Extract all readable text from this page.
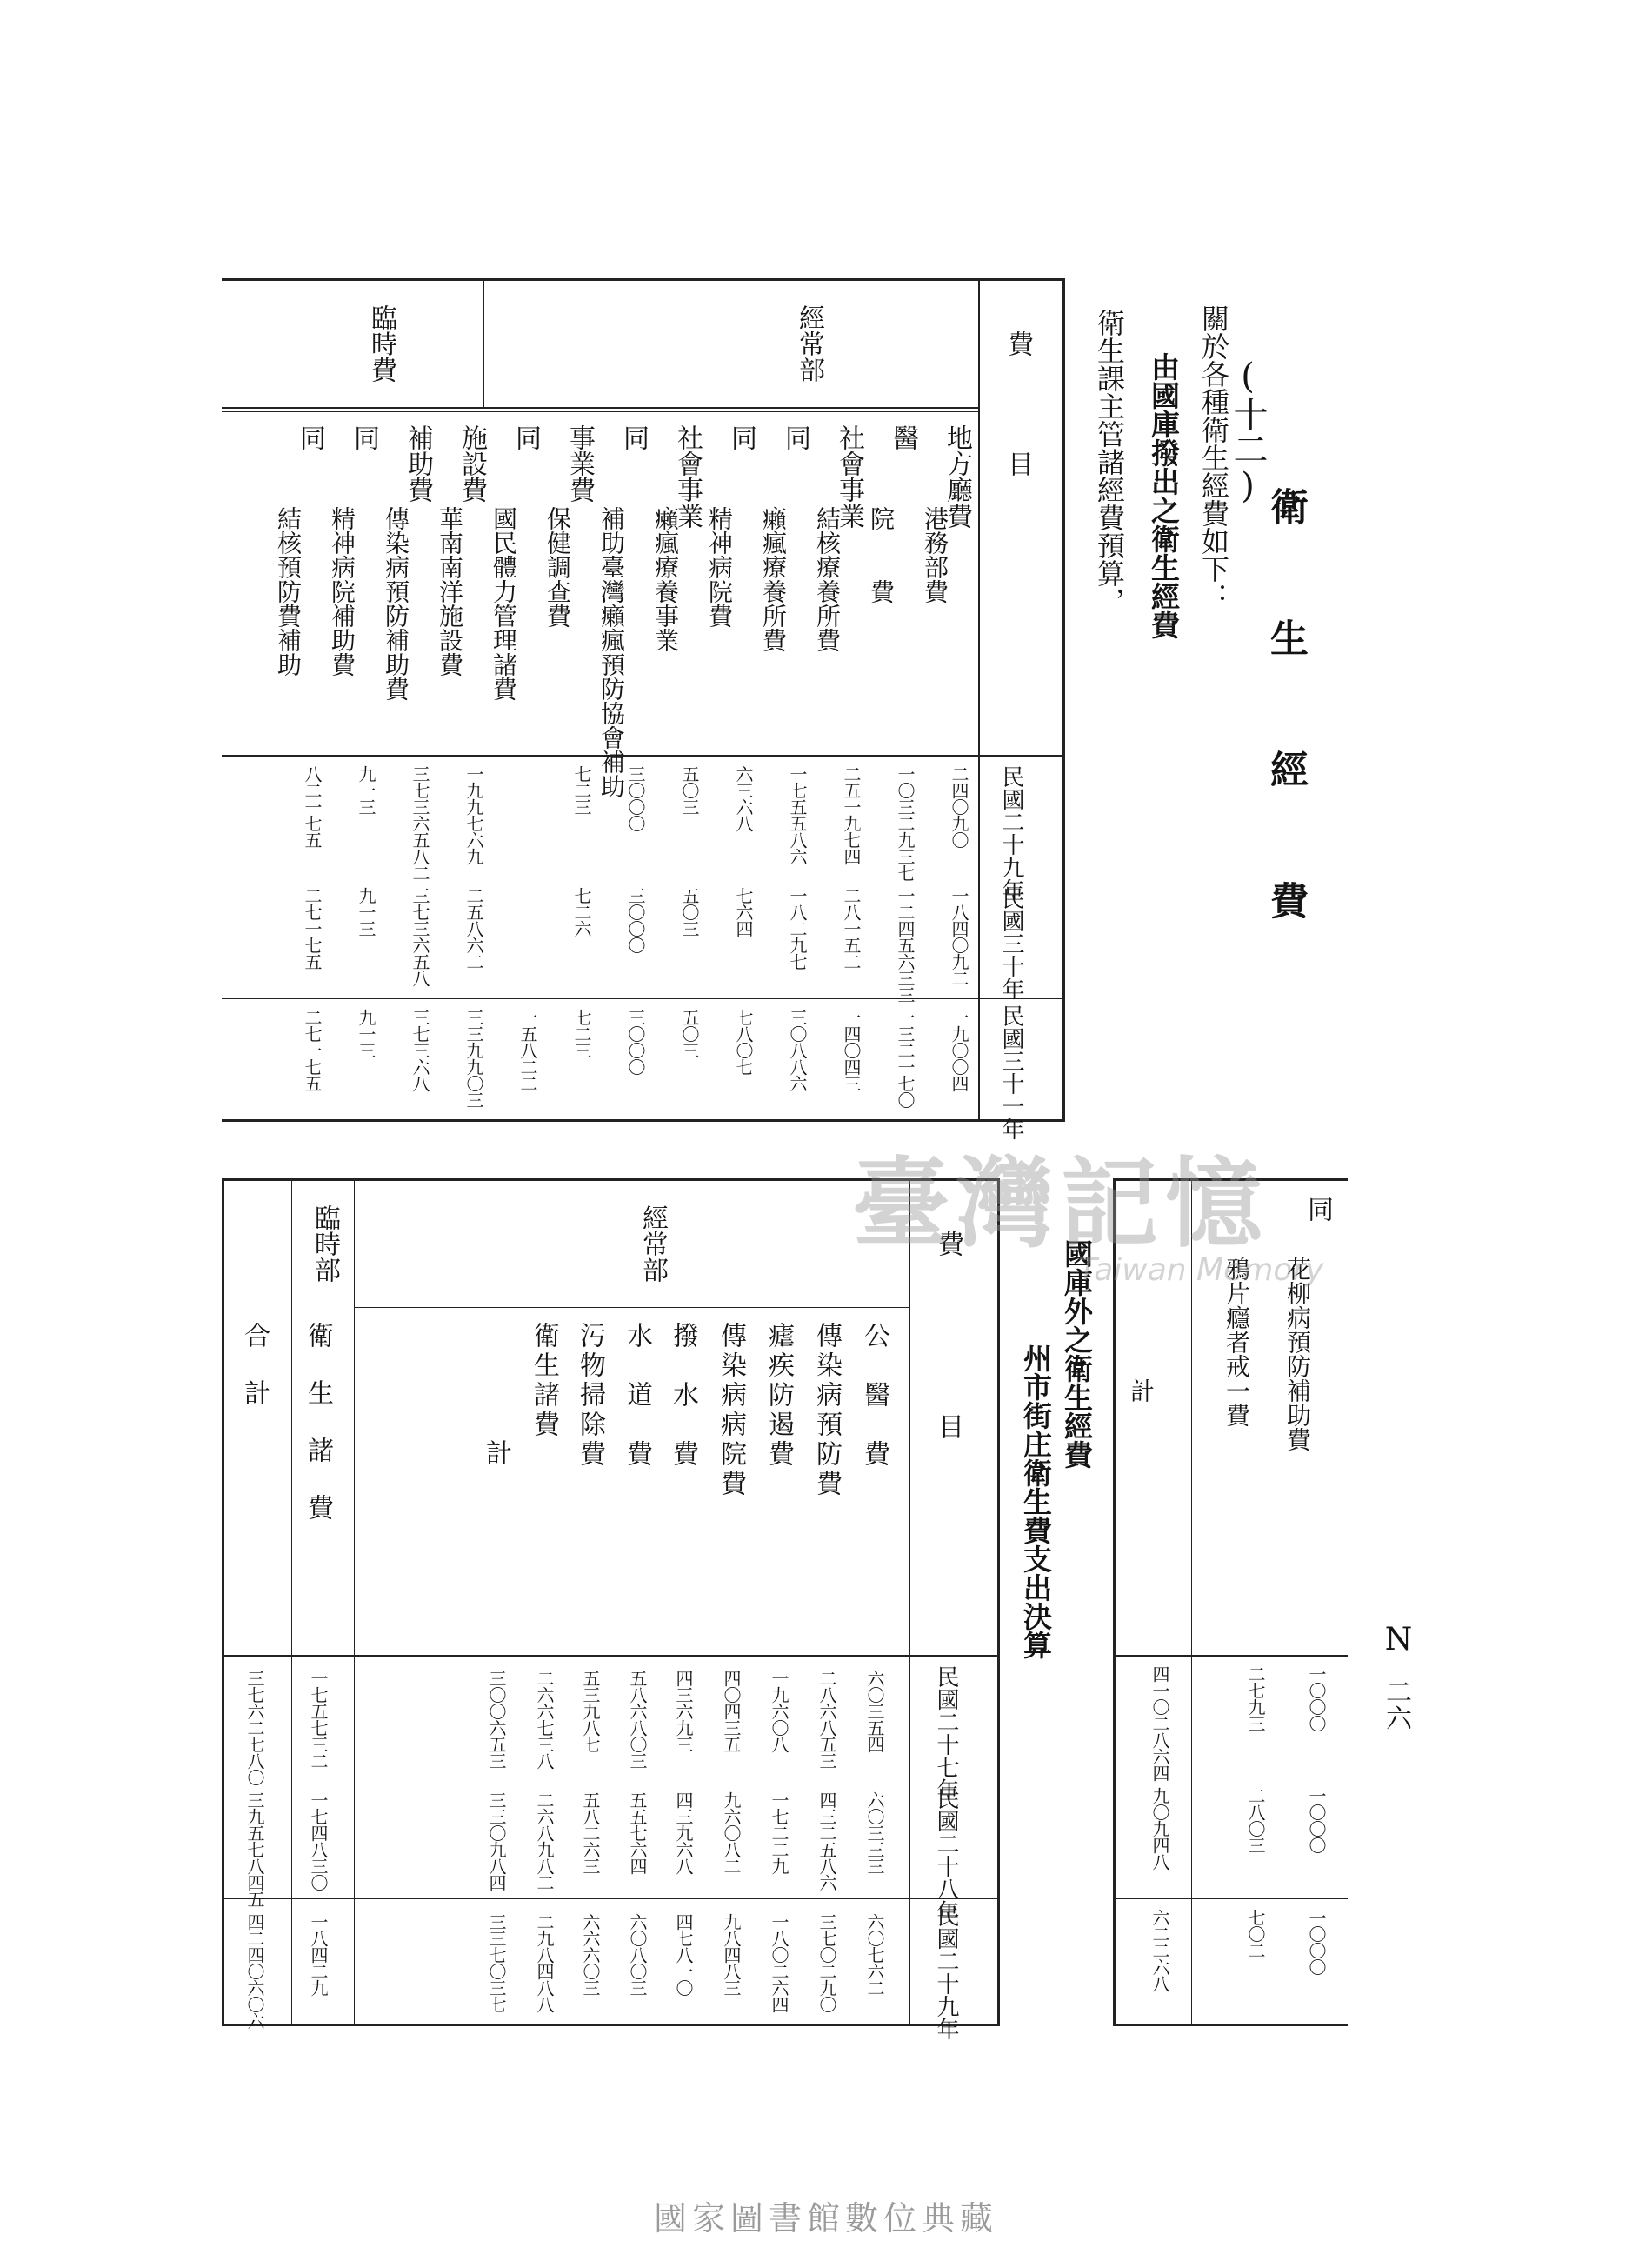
(十二)
衛 生 經 費
關於各種衛生經費如下：
由國庫撥出之衛生經費
衛生課主管諸經費預算，
費　　目
經常部
臨時費
民國二十九年
民國三十年
民國三十一年
地方廳費
港務部費
二四〇九〇
一八四〇九二
一九〇〇四
醫
院　　費
一〇三二九三七
一二四五六三三
一三二一七〇
社會事業
結核療養所費
二五一九七四
二八一五二
一四〇四三
同
癩瘋療養所費
一七五五八六
一八二九七
三〇八八六
同
精神病院費
六三六八
七六四
七八〇七
社會事業
癩瘋療養事業
五〇三
五〇三
五〇三
同
補助臺灣癩瘋預防協會補助 三〇〇〇
三〇〇〇
三〇〇〇
事業費
保健調查費
七二三
七二六
七二三
同
國民體力管理諸費
一五八二二
施設費
華南南洋施設費
一九九七六九
二五八六二
三三九九〇三
補助費
傳染病預防補助費
三七三六五八二
三七三六五八
三七三六八
同
精神病院補助費
九一三
九一三
九一三
同
結核預防費補助
八二一七五
二七一七五
二七一七五
同
花柳病預防補助費
一〇〇〇
一〇〇〇
一〇〇〇
鴉片癮者戒一費
二七九三
二八〇三
七〇二
計
四一〇二八六四
九〇九四八
六二二六八
N
二六
國庫外之衛生經費
州市街庄衛生費支出決算
費　　目
經常部
臨時部
民國二十七年
民國二十八年
民國二十九年
公　醫　費
六〇三五四
六〇三三三
六〇七六二
傳染病預防費
二八六八五三
四三二五八六
三七〇二九〇
瘧疾防遏費
一九六〇八
一七二二九
一八〇二六四
傳染病病院費
四〇四三五
九六〇八二
九八四八三
撥　水　費
四三六九三
四三九六八
四七八一〇
水　道　費
五八六八〇三
五五七六四
六〇八〇三
污物掃除費
五三九八七
五八二六三
六六六〇三
衛生諸費
二六六七三八
二六八九八二
二九八四八八
計
三〇〇六五三
三三〇九八四
三三七〇三七
衛生諸費
一七五七三二
一七四八三〇
一八四二九
合計
三七六二七八〇
三九五七八四五
四二四〇六〇六
臺灣記憶
Taiwan Memory
國家圖書館數位典藏
